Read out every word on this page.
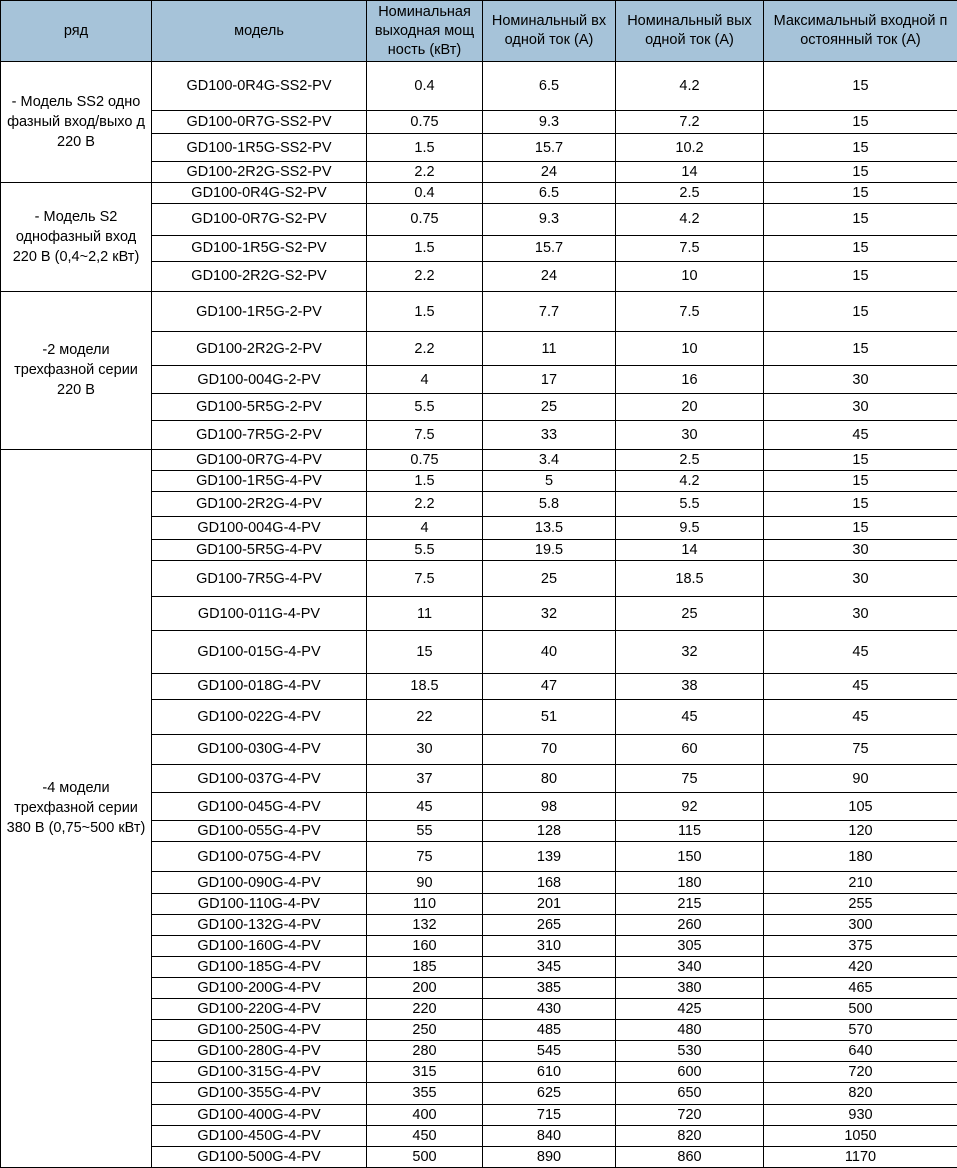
ряд	модель	Номинальная выходная мощ ность (кВт)	Номинальный вх одной ток (А)	Номинальный вых одной ток (А)	Максимальный входной п остоянный ток (А)
- Модель SS2 одно фазный вход/выхо д 220 В	GD100-0R4G-SS2-PV	0.4	6.5	4.2	15
	GD100-0R7G-SS2-PV	0.75	9.3	7.2	15
	GD100-1R5G-SS2-PV	1.5	15.7	10.2	15
	GD100-2R2G-SS2-PV	2.2	24	14	15
- Модель S2 однофазный вход 220 В (0,4~2,2 кВт)	GD100-0R4G-S2-PV	0.4	6.5	2.5	15
	GD100-0R7G-S2-PV	0.75	9.3	4.2	15
	GD100-1R5G-S2-PV	1.5	15.7	7.5	15
	GD100-2R2G-S2-PV	2.2	24	10	15
-2 модели трехфазной серии 220 В	GD100-1R5G-2-PV	1.5	7.7	7.5	15
	GD100-2R2G-2-PV	2.2	11	10	15
	GD100-004G-2-PV	4	17	16	30
	GD100-5R5G-2-PV	5.5	25	20	30
	GD100-7R5G-2-PV	7.5	33	30	45
-4 модели трехфазной серии 380 В (0,75~500 кВт)	GD100-0R7G-4-PV	0.75	3.4	2.5	15
	GD100-1R5G-4-PV	1.5	5	4.2	15
	GD100-2R2G-4-PV	2.2	5.8	5.5	15
	GD100-004G-4-PV	4	13.5	9.5	15
	GD100-5R5G-4-PV	5.5	19.5	14	30
	GD100-7R5G-4-PV	7.5	25	18.5	30
	GD100-011G-4-PV	11	32	25	30
	GD100-015G-4-PV	15	40	32	45
	GD100-018G-4-PV	18.5	47	38	45
	GD100-022G-4-PV	22	51	45	45
	GD100-030G-4-PV	30	70	60	75
	GD100-037G-4-PV	37	80	75	90
	GD100-045G-4-PV	45	98	92	105
	GD100-055G-4-PV	55	128	115	120
	GD100-075G-4-PV	75	139	150	180
	GD100-090G-4-PV	90	168	180	210
	GD100-110G-4-PV	110	201	215	255
	GD100-132G-4-PV	132	265	260	300
	GD100-160G-4-PV	160	310	305	375
	GD100-185G-4-PV	185	345	340	420
	GD100-200G-4-PV	200	385	380	465
	GD100-220G-4-PV	220	430	425	500
	GD100-250G-4-PV	250	485	480	570
	GD100-280G-4-PV	280	545	530	640
	GD100-315G-4-PV	315	610	600	720
	GD100-355G-4-PV	355	625	650	820
	GD100-400G-4-PV	400	715	720	930
	GD100-450G-4-PV	450	840	820	1050
	GD100-500G-4-PV	500	890	860	1170
